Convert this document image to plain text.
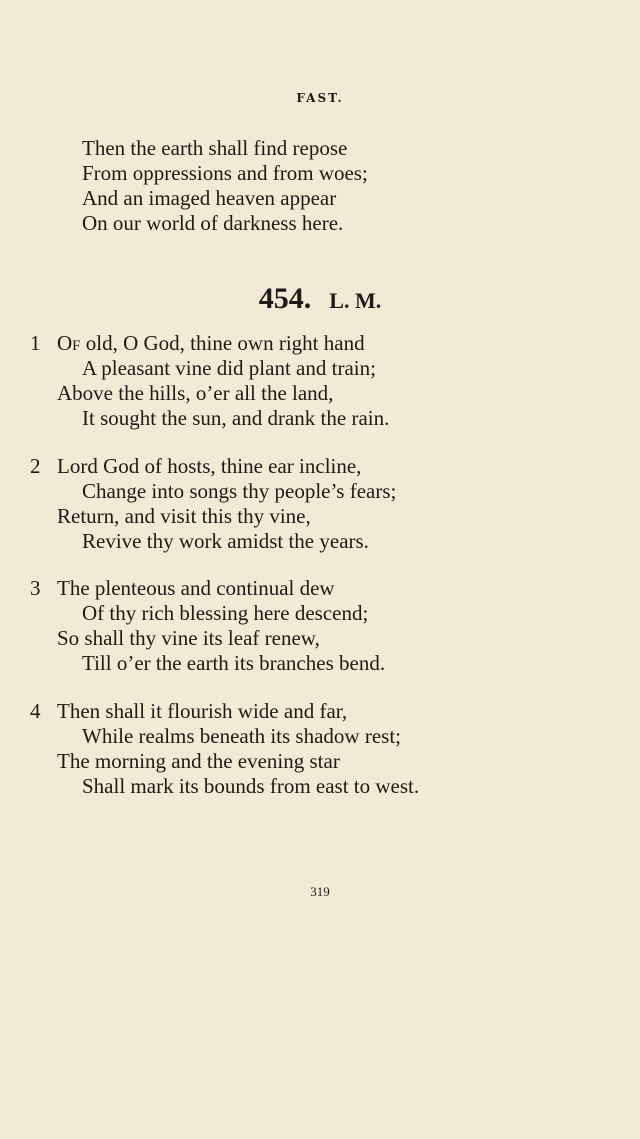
FAST.
Then the earth shall find repose
From oppressions and from woes;
And an imaged heaven appear
On our world of darkness here.
454. L. M.
1 Of old, O God, thine own right hand
A pleasant vine did plant and train;
Above the hills, o’er all the land,
It sought the sun, and drank the rain.
2 Lord God of hosts, thine ear incline,
Change into songs thy people’s fears;
Return, and visit this thy vine,
Revive thy work amidst the years.
3 The plenteous and continual dew
Of thy rich blessing here descend;
So shall thy vine its leaf renew,
Till o’er the earth its branches bend.
4 Then shall it flourish wide and far,
While realms beneath its shadow rest;
The morning and the evening star
Shall mark its bounds from east to west.
319
